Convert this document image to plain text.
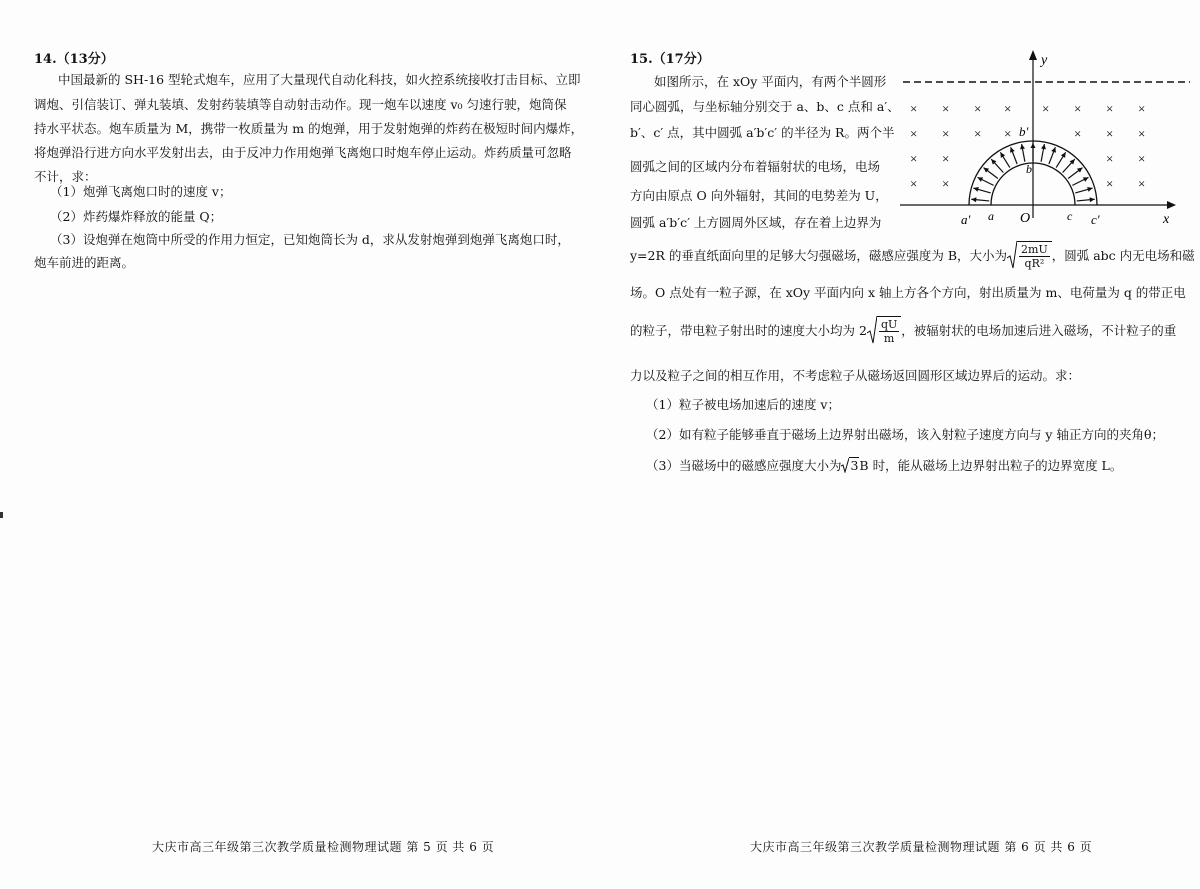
14.（13分）
中国最新的 SH-16 型轮式炮车，应用了大量现代自动化科技，如火控系统接收打击目标、立即
调炮、引信装订、弹丸装填、发射药装填等自动射击动作。现一炮车以速度 v₀ 匀速行驶，炮筒保
持水平状态。炮车质量为 M，携带一枚质量为 m 的炮弹，用于发射炮弹的炸药在极短时间内爆炸，
将炮弹沿行进方向水平发射出去，由于反冲力作用炮弹飞离炮口时炮车停止运动。炸药质量可忽略
不计，求：
（1）炮弹飞离炮口时的速度 v；
（2）炸药爆炸释放的能量 Q；
（3）设炮弹在炮筒中所受的作用力恒定，已知炮筒长为 d，求从发射炮弹到炮弹飞离炮口时，
炮车前进的距离。
大庆市高三年级第三次教学质量检测物理试题 第 5 页 共 6 页
15.（17分）
如图所示，在 xOy 平面内，有两个半圆形
同心圆弧，与坐标轴分别交于 a、b、c 点和 a′、
b′、c′ 点，其中圆弧 a′b′c′ 的半径为 R。两个半
圆弧之间的区域内分布着辐射状的电场，电场
方向由原点 O 向外辐射，其间的电势差为 U，
圆弧 a′b′c′ 上方圆周外区域，存在着上边界为
y=2R 的垂直纸面向里的足够大匀强磁场，磁感应强度为 B，大小为 $\frac{2mU}{\text{qR²}}$ ，圆弧 abc 内无电场和磁
场。O 点处有一粒子源，在 xOy 平面内向 x 轴上方各个方向，射出质量为 m、电荷量为 q 的带正电
的粒子，带电粒子射出时的速度大小均为 $2 \frac{qU}{m}$ ，被辐射状的电场加速后进入磁场，不计粒子的重
力以及粒子之间的相互作用，不考虑粒子从磁场返回圆形区域边界后的运动。求：
（1）粒子被电场加速后的速度 v；
（2）如有粒子能够垂直于磁场上边界射出磁场，该入射粒子速度方向与 y 轴正方向的夹角θ；
（3）当磁场中的磁感应强度大小为 3 B 时，能从磁场上边界射出粒子的边界宽度 L。
大庆市高三年级第三次教学质量检测物理试题 第 6 页 共 6 页
x
y
O
a′ a
b′
b
c c′
× × × × × × × ×
× × × ×	× × ×
× ×	× ×
× ×	× ×
